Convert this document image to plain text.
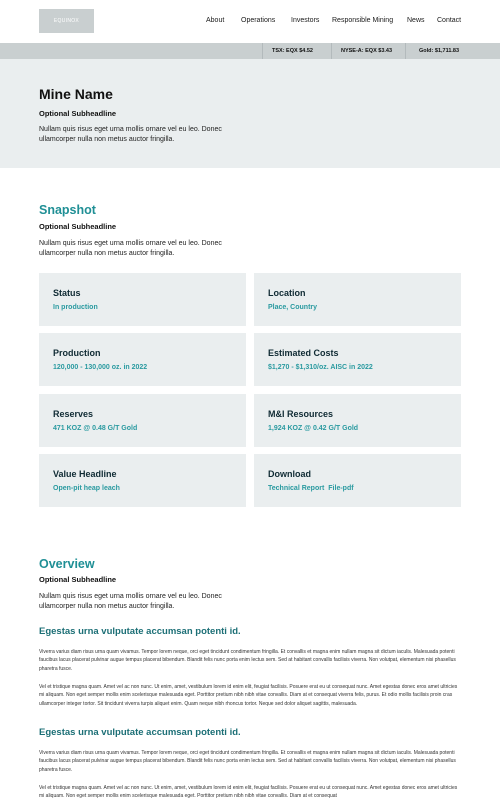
EQUINOX	About Operations Investors Responsible Mining News Contact
TSX: EQX $4.52	NYSE-A: EQX $3.43	Gold: $1,711.83
Mine Name
Optional Subheadline

Nullam quis risus eget urna mollis ornare vel eu leo. Donec ullamcorper nulla non metus auctor fringilla.

Snapshot
Optional Subheadline
Nullam quis risus eget urna mollis ornare vel eu leo. Donec ullamcorper nulla non metus auctor fringilla.
Status
In production
Location
Place, Country
Production
120,000 - 130,000 oz. in 2022
Estimated Costs
$1,270 - $1,310/oz. AISC in 2022
Reserves
471 KOZ @ 0.48 G/T Gold
M&I Resources
1,924 KOZ @ 0.42 G/T Gold
Value Headline
Open-pit heap leach
Download
Technical Report File-pdf
Overview
Optional Subheadline
Nullam quis risus eget urna mollis ornare vel eu leo. Donec ullamcorper nulla non metus auctor fringilla.
Egestas urna vulputate accumsan potenti id.
Viverra varius diam risus urna quam vivamus. Tempor lorem neque, orci eget tincidunt condimentum fringilla. Et convallis et magna enim nullam magna sit dictum iaculis. Malesuada potenti faucibus lacus placerat pulvinar augue tempus placerat bibendum. Blandit felis nunc porta enim lectus sem. Sed at habitant convallis facilisis viverra. Non volutpat, elementum nisi phasellus pharetra fusce.
Vel et tristique magna quam. Amet vel ac non nunc. Ut enim, amet, vestibulum lorem id enim elit, feugiat facilisis. Posuere erat eu ut consequat nunc. Amet egestas donec eros amet ultricies mi aliquam. Non eget semper mollis enim scelerisque malesuada eget. Porttitor pretium nibh nibh vitae convallis. Diam at et consequat viverra felis, purus. Et odio mollis facilisis proin cras ullamcorper integer tortor. Sit tincidunt viverra turpis aliquet enim. Quam neque nibh rhoncus tortor. Neque sed dolor aliquet sagittis, malesuada.
Egestas urna vulputate accumsan potenti id.
Viverra varius diam risus urna quam vivamus. Tempor lorem neque, orci eget tincidunt condimentum fringilla. Et convallis et magna enim nullam magna sit dictum iaculis. Malesuada potenti faucibus lacus placerat pulvinar augue tempus placerat bibendum. Blandit felis nunc porta enim lectus sem. Sed at habitant convallis facilisis viverra. Non volutpat, elementum nisi phasellus pharetra fusce.
Vel et tristique magna quam. Amet vel ac non nunc. Ut enim, amet, vestibulum lorem id enim elit, feugiat facilisis. Posuere erat eu ut consequat nunc. Amet egestas donec eros amet ultricies mi aliquam. Non eget semper mollis enim scelerisque malesuada eget. Porttitor pretium nibh nibh vitae convallis. Diam at et consequat
